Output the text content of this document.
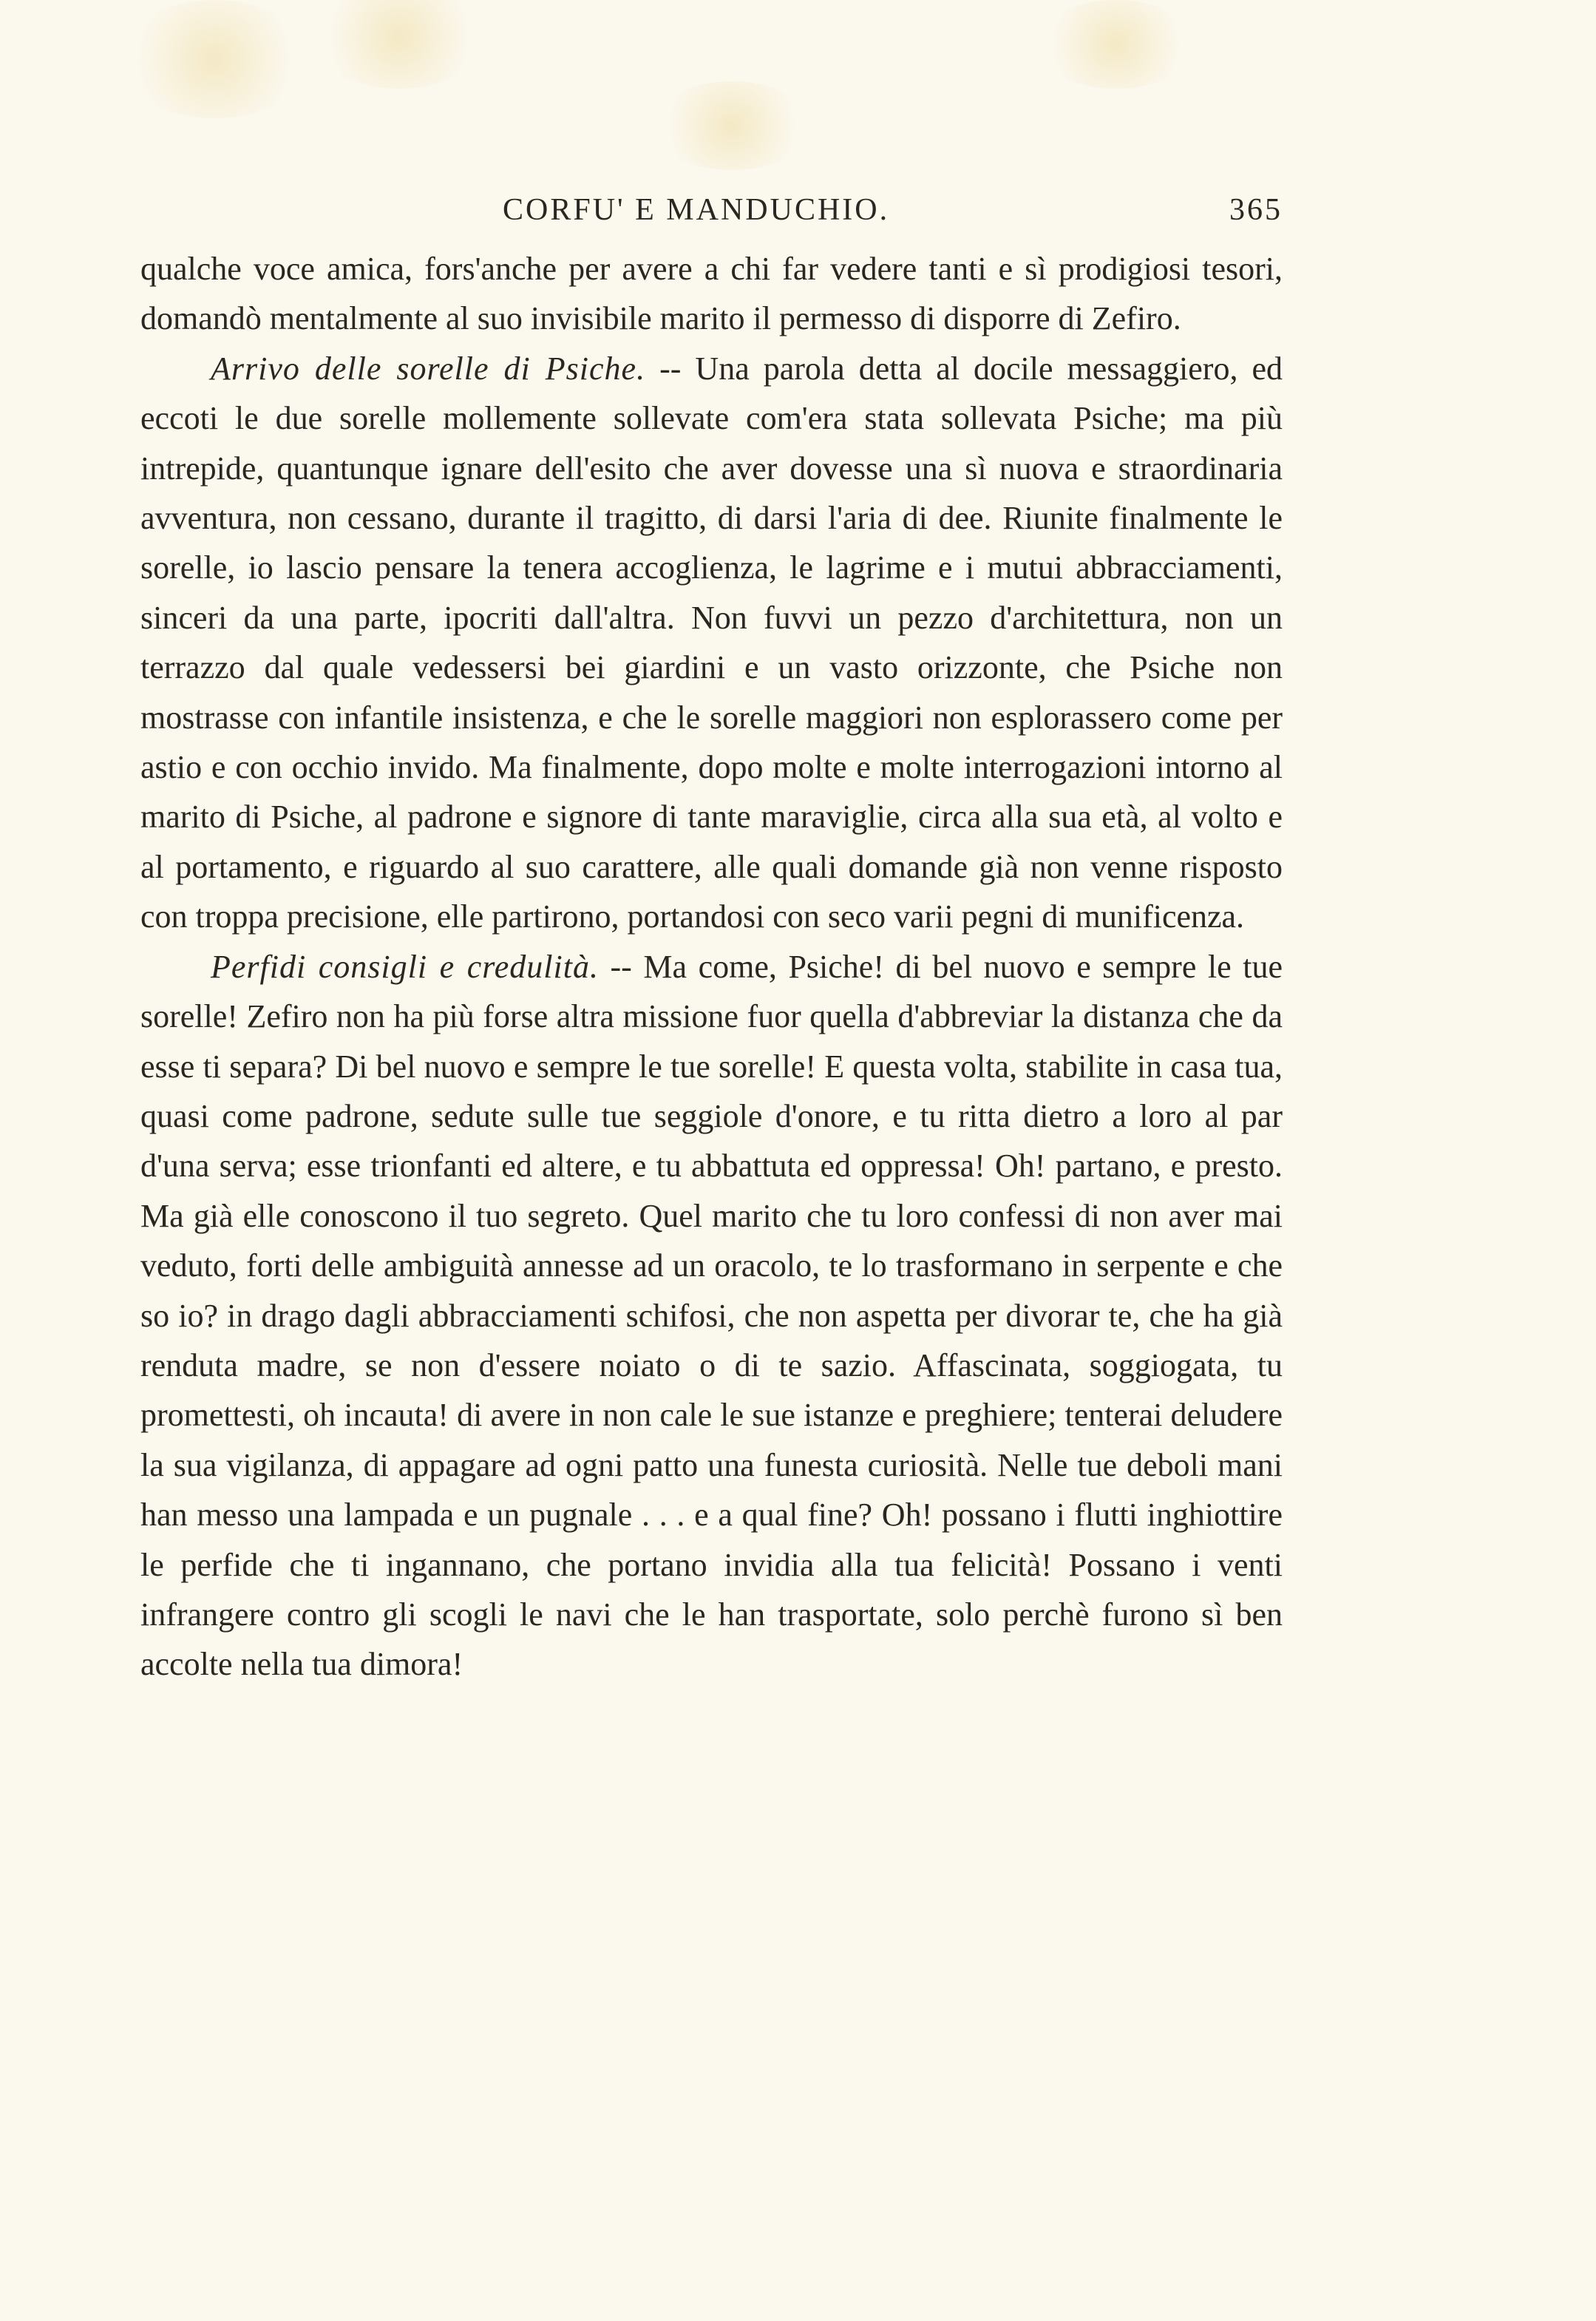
CORFU' E MANDUCHIO.	365

qualche voce amica, fors'anche per avere a chi far vedere tanti e sì prodigiosi tesori, domandò mentalmente al suo invisibile marito il permesso di disporre di Zefiro.

Arrivo delle sorelle di Psiche. -- Una parola detta al docile messaggiero, ed eccoti le due sorelle mollemente sollevate com'era stata sollevata Psiche; ma più intrepide, quantunque ignare dell'esito che aver dovesse una sì nuova e straordinaria avventura, non cessano, durante il tragitto, di darsi l'aria di dee. Riunite finalmente le sorelle, io lascio pensare la tenera accoglienza, le lagrime e i mutui abbracciamenti, sinceri da una parte, ipocriti dall'altra. Non fuvvi un pezzo d'architettura, non un terrazzo dal quale vedessersi bei giardini e un vasto orizzonte, che Psiche non mostrasse con infantile insistenza, e che le sorelle maggiori non esplorassero come per astio e con occhio invido. Ma finalmente, dopo molte e molte interrogazioni intorno al marito di Psiche, al padrone e signore di tante maraviglie, circa alla sua età, al volto e al portamento, e riguardo al suo carattere, alle quali domande già non venne risposto con troppa precisione, elle partirono, portandosi con seco varii pegni di munificenza.

Perfidi consigli e credulità. -- Ma come, Psiche! di bel nuovo e sempre le tue sorelle! Zefiro non ha più forse altra missione fuor quella d'abbreviar la distanza che da esse ti separa? Di bel nuovo e sempre le tue sorelle! E questa volta, stabilite in casa tua, quasi come padrone, sedute sulle tue seggiole d'onore, e tu ritta dietro a loro al par d'una serva; esse trionfanti ed altere, e tu abbattuta ed oppressa! Oh! partano, e presto. Ma già elle conoscono il tuo segreto. Quel marito che tu loro confessi di non aver mai veduto, forti delle ambiguità annesse ad un oracolo, te lo trasformano in serpente e che so io? in drago dagli abbracciamenti schifosi, che non aspetta per divorar te, che ha già renduta madre, se non d'essere noiato o di te sazio. Affascinata, soggiogata, tu promettesti, oh incauta! di avere in non cale le sue istanze e preghiere; tenterai deludere la sua vigilanza, di appagare ad ogni patto una funesta curiosità. Nelle tue deboli mani han messo una lampada e un pugnale . . . e a qual fine? Oh! possano i flutti inghiottire le perfide che ti ingannano, che portano invidia alla tua felicità! Possano i venti infrangere contro gli scogli le navi che le han trasportate, solo perchè furono sì ben accolte nella tua dimora!
